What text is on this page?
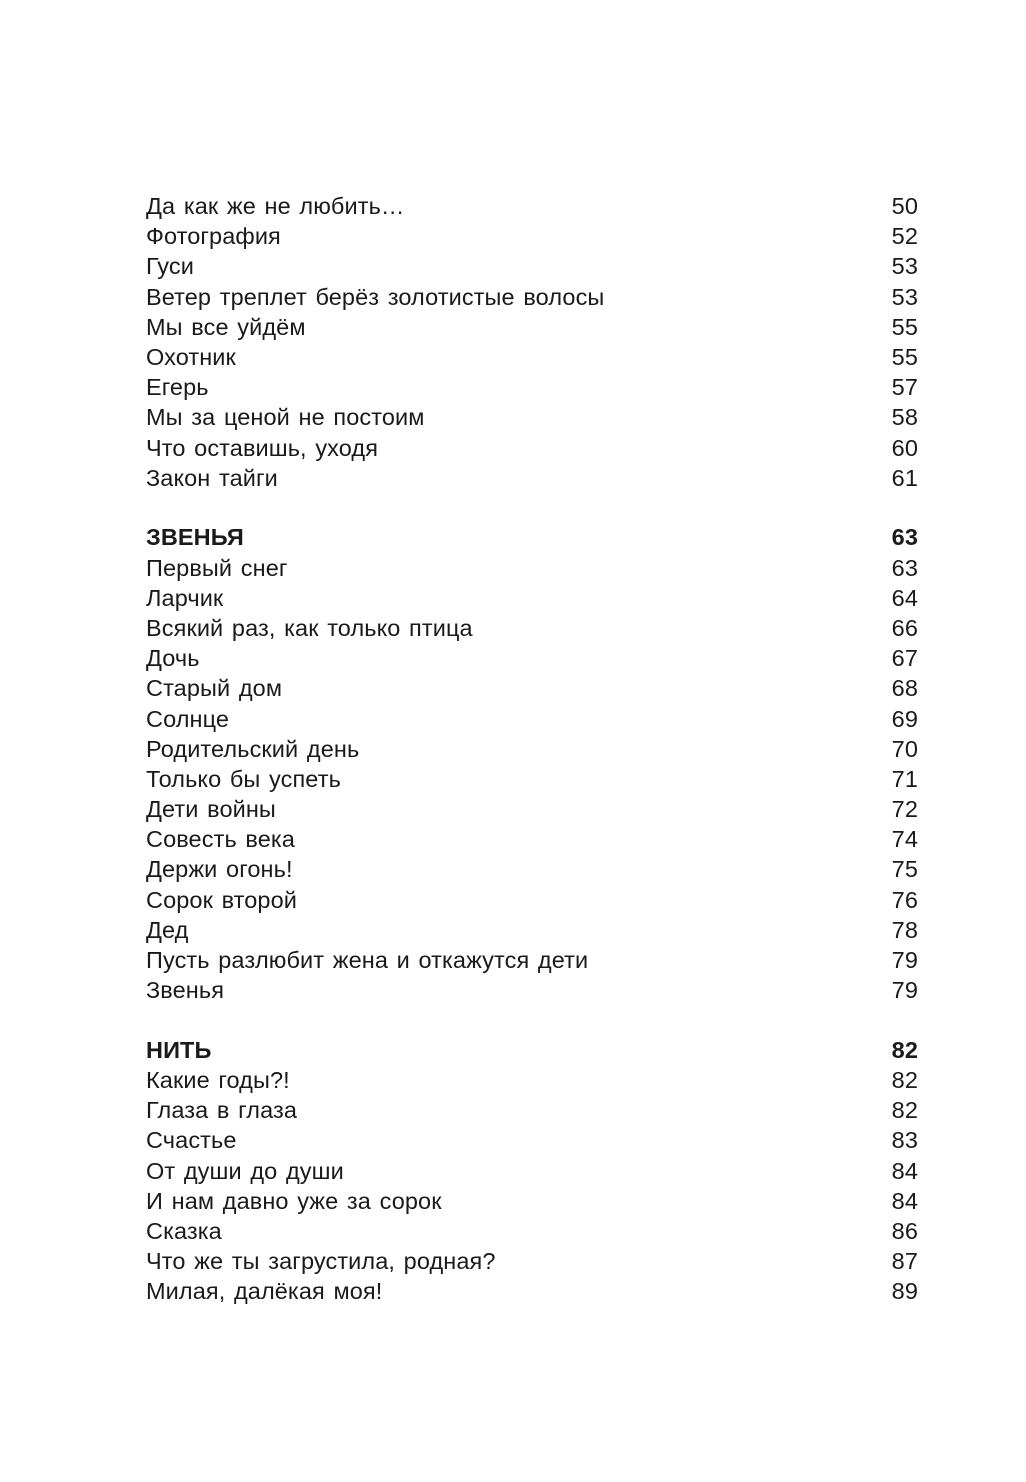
Да как же не любить…	50
Фотография	52
Гуси	53
Ветер треплет берёз золотистые волосы	53
Мы все уйдём	55
Охотник	55
Егерь	57
Мы за ценой не постоим	58
Что оставишь, уходя	60
Закон тайги	61
ЗВЕНЬЯ	63
Первый снег	63
Ларчик	64
Всякий раз, как только птица	66
Дочь	67
Старый дом	68
Солнце	69
Родительский день	70
Только бы успеть	71
Дети войны	72
Совесть века	74
Держи огонь!	75
Сорок второй	76
Дед	78
Пусть разлюбит жена и откажутся дети	79
Звенья	79
НИТЬ	82
Какие годы?!	82
Глаза в глаза	82
Счастье	83
От души до души	84
И нам давно уже за сорок	84
Сказка	86
Что же ты загрустила, родная?	87
Милая, далёкая моя!	89
